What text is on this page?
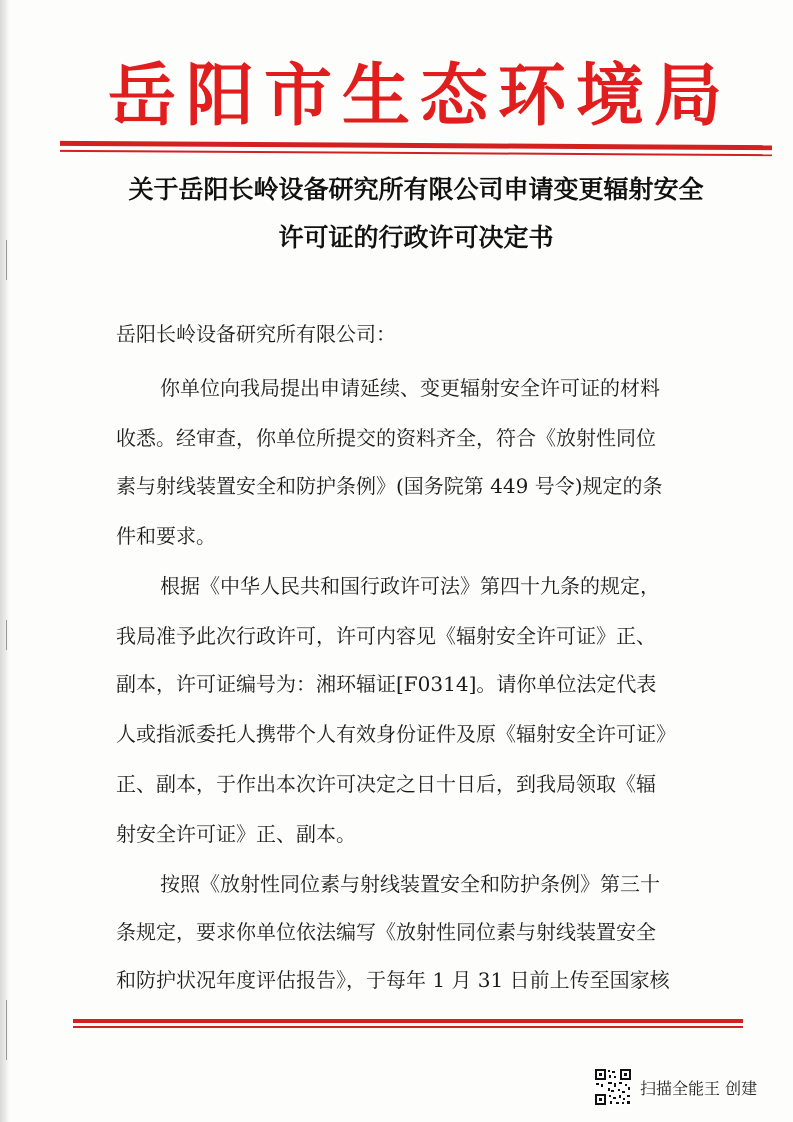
岳阳市生态环境局
关于岳阳长岭设备研究所有限公司申请变更辐射安全
许可证的行政许可决定书
岳阳长岭设备研究所有限公司：
你单位向我局提出申请延续、变更辐射安全许可证的材料
收悉。经审查，你单位所提交的资料齐全，符合《放射性同位
素与射线装置安全和防护条例》(国务院第 449 号令)规定的条
件和要求。
根据《中华人民共和国行政许可法》第四十九条的规定，
我局准予此次行政许可，许可内容见《辐射安全许可证》正、
副本，许可证编号为：湘环辐证[F0314]。请你单位法定代表
人或指派委托人携带个人有效身份证件及原《辐射安全许可证》
正、副本，于作出本次许可决定之日十日后，到我局领取《辐
射安全许可证》正、副本。
按照《放射性同位素与射线装置安全和防护条例》第三十
条规定，要求你单位依法编写《放射性同位素与射线装置安全
和防护状况年度评估报告》，于每年 1 月 31 日前上传至国家核
扫描全能王 创建
